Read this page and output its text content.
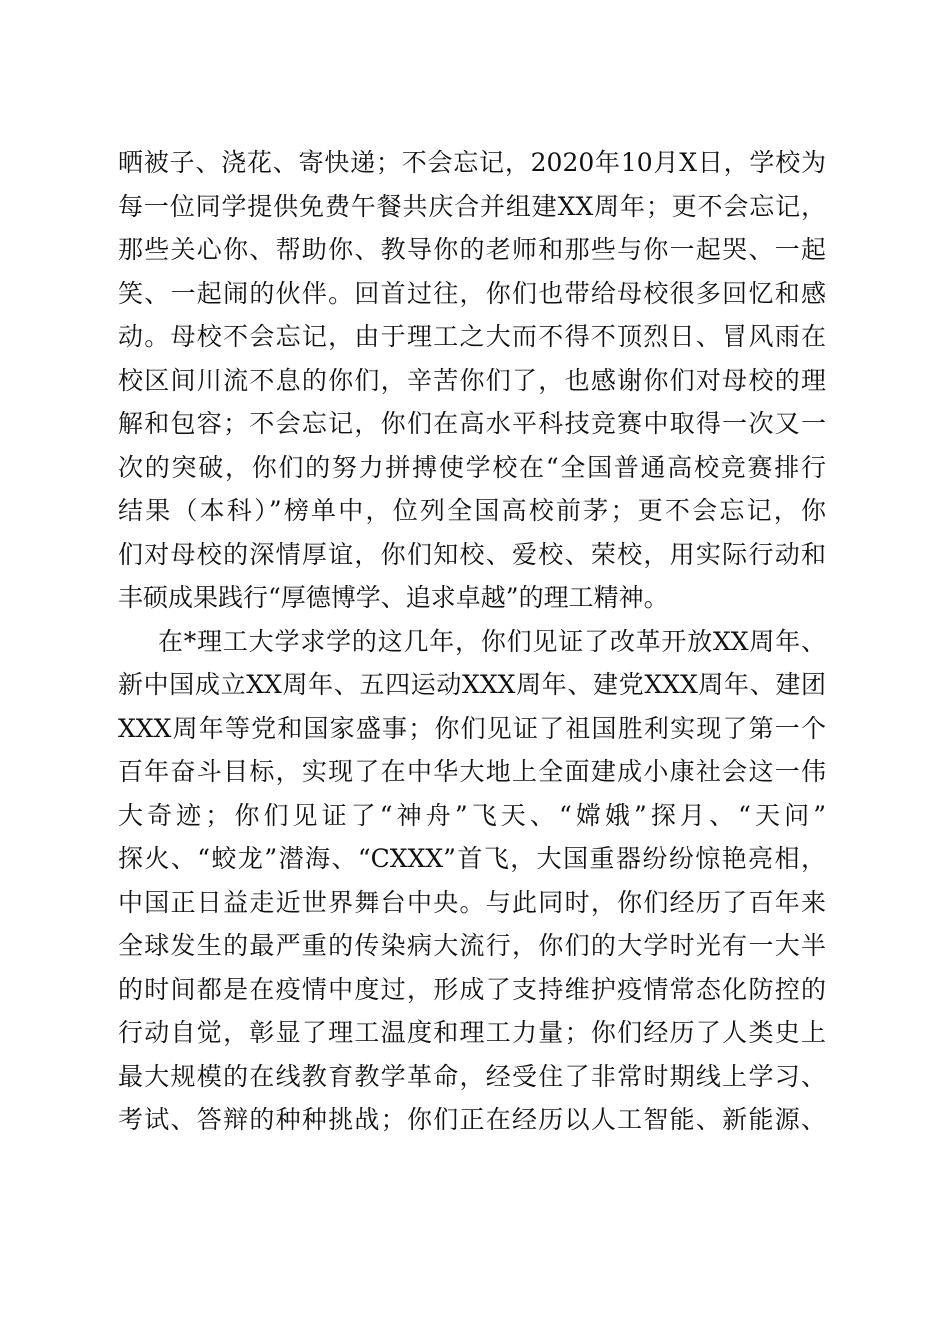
晒被子、浇花、寄快递；不会忘记，2020年10月X日，学校为
每一位同学提供免费午餐共庆合并组建XX周年；更不会忘记，
那些关心你、帮助你、教导你的老师和那些与你一起哭、一起
笑、一起闹的伙伴。回首过往，你们也带给母校很多回忆和感
动。母校不会忘记，由于理工之大而不得不顶烈日、冒风雨在
校区间川流不息的你们，辛苦你们了，也感谢你们对母校的理
解和包容；不会忘记，你们在高水平科技竞赛中取得一次又一
次的突破，你们的努力拼搏使学校在“全国普通高校竞赛排行
结果（本科）”榜单中，位列全国高校前茅；更不会忘记，你
们对母校的深情厚谊，你们知校、爱校、荣校，用实际行动和
丰硕成果践行“厚德博学、追求卓越”的理工精神。
在*理工大学求学的这几年，你们见证了改革开放XX周年、
新中国成立XX周年、五四运动XXX周年、建党XXX周年、建团
XXX周年等党和国家盛事；你们见证了祖国胜利实现了第一个
百年奋斗目标，实现了在中华大地上全面建成小康社会这一伟
大奇迹；你们见证了“神舟”飞天、“嫦娥”探月、“天问”
探火、“蛟龙”潜海、“CXXX”首飞，大国重器纷纷惊艳亮相，
中国正日益走近世界舞台中央。与此同时，你们经历了百年来
全球发生的最严重的传染病大流行，你们的大学时光有一大半
的时间都是在疫情中度过，形成了支持维护疫情常态化防控的
行动自觉，彰显了理工温度和理工力量；你们经历了人类史上
最大规模的在线教育教学革命，经受住了非常时期线上学习、
考试、答辩的种种挑战；你们正在经历以人工智能、新能源、
